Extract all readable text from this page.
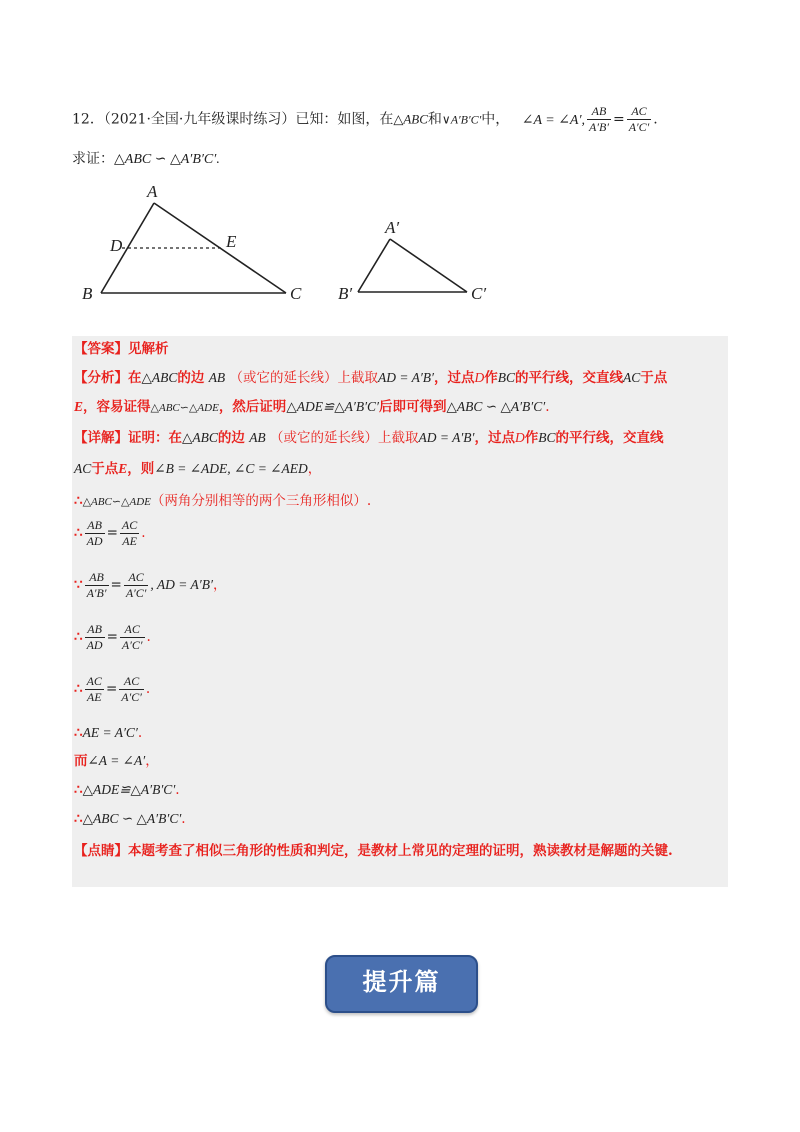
12．（2021·全国·九年级课时练习）已知：如图，在△ABC和∨A′B′C′中， ∠A = ∠A′, $\frac{AB}{A'B'} = \frac{AC}{A'C'}$ .
求证：△ABC ∽ △A′B′C′.
A
B	C
D	E
A′
B′	C′
【答案】见解析
【分析】在△ABC的边 AB （或它的延长线）上截取AD = A′B′，过点D作BC的平行线，交直线AC于点
E，容易证得△ABC∽△ADE，然后证明△ADE≌△A′B′C′后即可得到△ABC ∽ △A′B′C′.
【详解】证明：在△ABC的边 AB （或它的延长线）上截取AD = A′B′，过点D作BC的平行线，交直线
AC于点E，则∠B = ∠ADE, ∠C = ∠AED，
∴△ABC∽△ADE（两角分别相等的两个三角形相似）.
∴ $\frac{AB}{AD} = \frac{AC}{AE}$ .
∵ $\frac{AB}{A'B'} = \frac{AC}{A'C'}$ , AD = A′B′，
∴ $\frac{AB}{AD} = \frac{AC}{A'C'}$ .
∴ $\frac{AC}{AE} = \frac{AC}{A'C'}$ .
∴AE = A′C′.
而∠A = ∠A′，
∴△ADE≌△A′B′C′.
∴△ABC ∽ △A′B′C′.
【点睛】本题考查了相似三角形的性质和判定，是教材上常见的定理的证明，熟读教材是解题的关键.
提升篇
